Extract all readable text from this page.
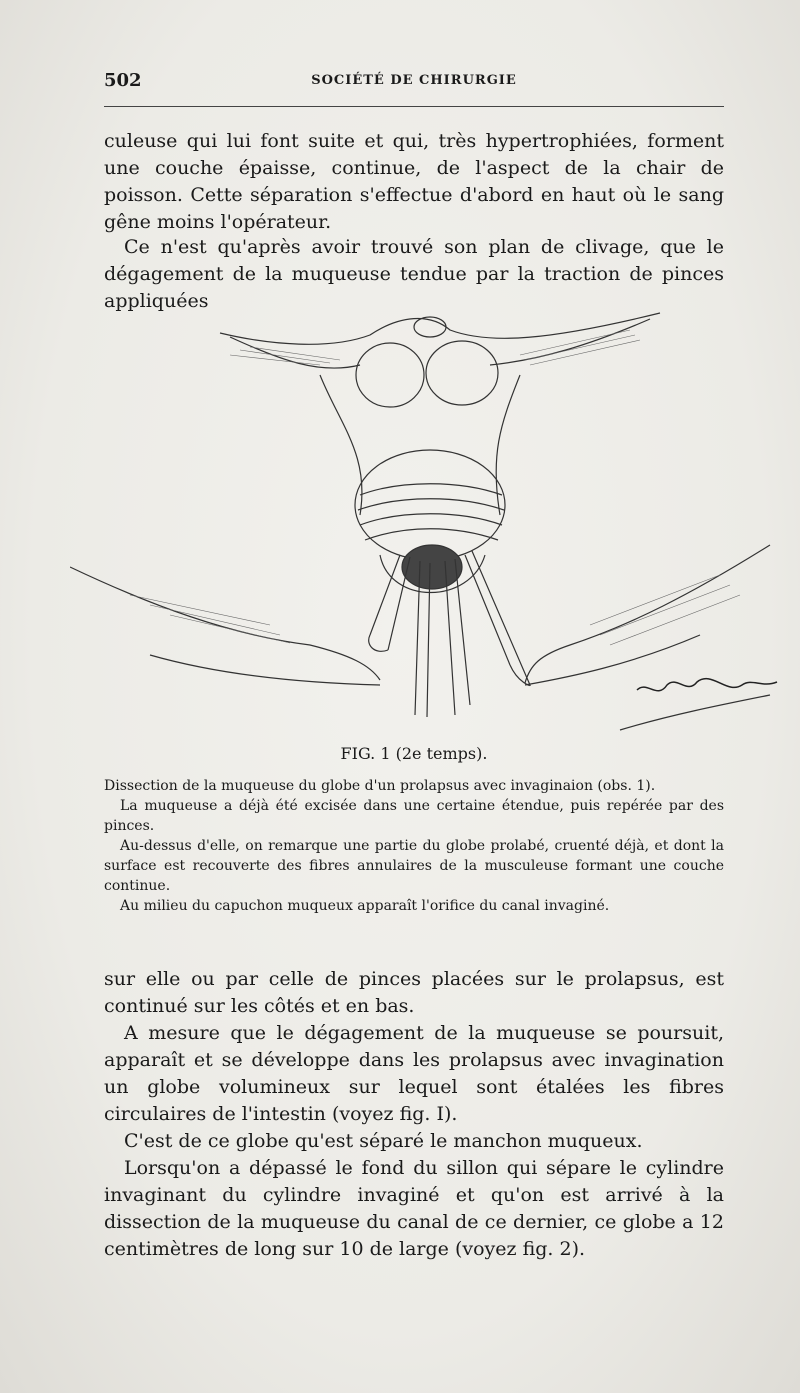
502	SOCIÉTÉ DE CHIRURGIE

culeuse qui lui font suite et qui, très hypertrophiées, forment une couche épaisse, continue, de l'aspect de la chair de poisson. Cette séparation s'effectue d'abord en haut où le sang gêne moins l'opérateur.

Ce n'est qu'après avoir trouvé son plan de clivage, que le dégagement de la muqueuse tendue par la traction de pinces appliquées

FIG. 1 (2e temps).

Dissection de la muqueuse du globe d'un prolapsus avec invaginaion (obs. 1).

La muqueuse a déjà été excisée dans une certaine étendue, puis repérée par des pinces.

Au-dessus d'elle, on remarque une partie du globe prolabé, cruenté déjà, et dont la surface est recouverte des fibres annulaires de la musculeuse formant une couche continue.

Au milieu du capuchon muqueux apparaît l'orifice du canal invaginé.

sur elle ou par celle de pinces placées sur le prolapsus, est continué sur les côtés et en bas.

A mesure que le dégagement de la muqueuse se poursuit, apparaît et se développe dans les prolapsus avec invagination un globe volumineux sur lequel sont étalées les fibres circulaires de l'intestin (voyez fig. I).

C'est de ce globe qu'est séparé le manchon muqueux.

Lorsqu'on a dépassé le fond du sillon qui sépare le cylindre invaginant du cylindre invaginé et qu'on est arrivé à la dissection de la muqueuse du canal de ce dernier, ce globe a 12 centimètres de long sur 10 de large (voyez fig. 2).
